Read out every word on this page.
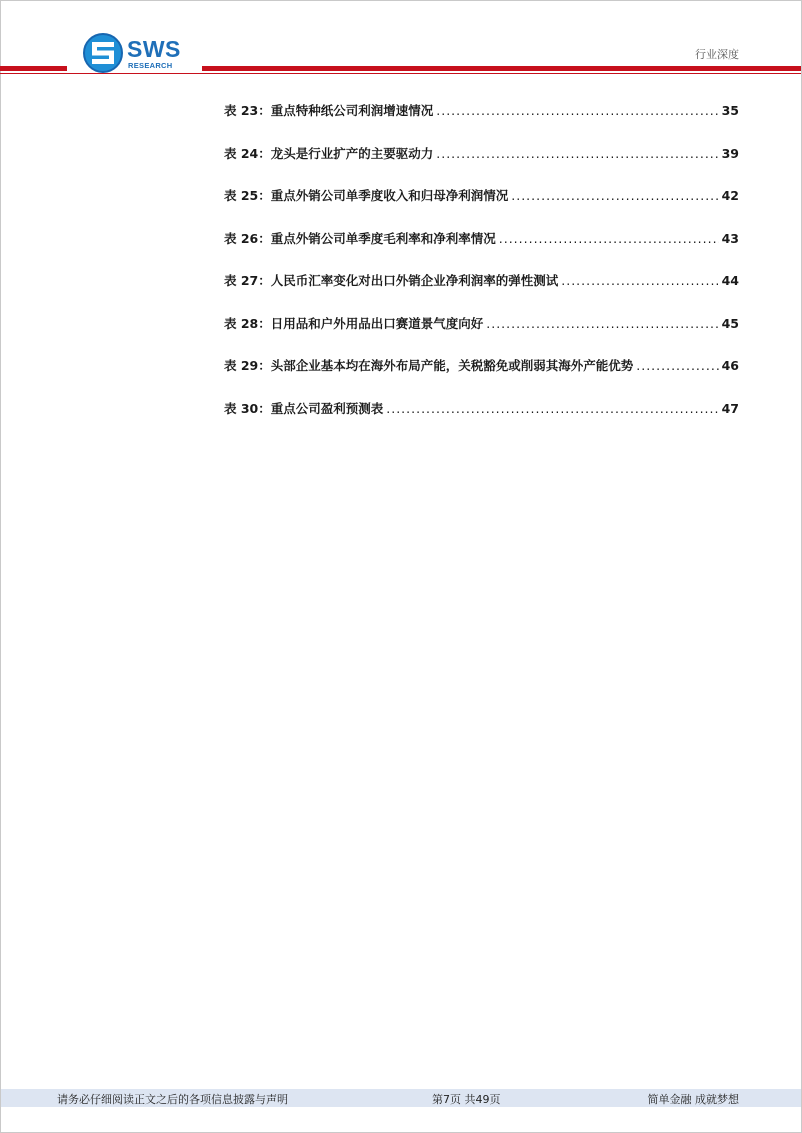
SWS
RESEARCH
行业深度
表 23：重点特种纸公司利润增速情况 .....	35
表 24：龙头是行业扩产的主要驱动力 .....	39
表 25：重点外销公司单季度收入和归母净利润情况 .....	42
表 26：重点外销公司单季度毛利率和净利率情况 .....	43
表 27：人民币汇率变化对出口外销企业净利润率的弹性测试 .....	44
表 28：日用品和户外用品出口赛道景气度向好 .....	45
表 29：头部企业基本均在海外布局产能，关税豁免或削弱其海外产能优势 .....	46
表 30：重点公司盈利预测表 .....	47
请务必仔细阅读正文之后的各项信息披露与声明	第7页 共49页	简单金融 成就梦想
